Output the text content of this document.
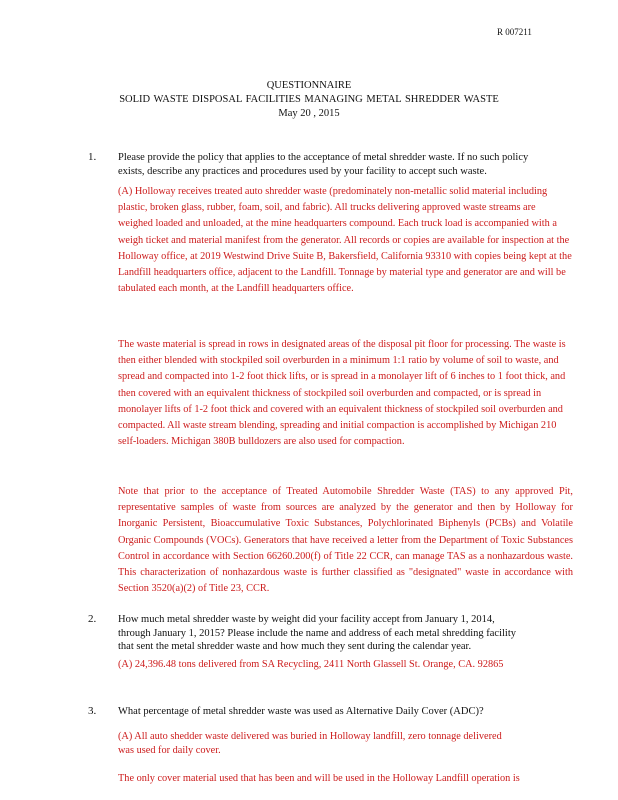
R 007211
QUESTIONNAIRE
SOLID WASTE DISPOSAL FACILITIES MANAGING METAL SHREDDER WASTE
May 20 , 2015
1. Please provide the policy that applies to the acceptance of metal shredder waste. If no such policy
exists, describe any practices and procedures used by your facility to accept such waste.

(A) Holloway receives treated auto shredder waste (predominately non-metallic solid material including plastic, broken glass, rubber, foam, soil, and fabric). All trucks delivering approved waste streams are weighed loaded and unloaded, at the mine headquarters compound. Each truck load is accompanied with a weigh ticket and material manifest from the generator. All records or copies are available for inspection at the Holloway office, at 2019 Westwind Drive Suite B, Bakersfield, California 93310 with copies being kept at the Landfill headquarters office, adjacent to the Landfill. Tonnage by material type and generator are and will be tabulated each month, at the Landfill headquarters office.

The waste material is spread in rows in designated areas of the disposal pit floor for processing. The waste is then either blended with stockpiled soil overburden in a minimum 1:1 ratio by volume of soil to waste, and spread and compacted into 1-2 foot thick lifts, or is spread in a monolayer lift of 6 inches to 1 foot thick, and then covered with an equivalent thickness of stockpiled soil overburden and compacted, or is spread in monolayer lifts of 1-2 foot thick and covered with an equivalent thickness of stockpiled soil overburden and compacted. All waste stream blending, spreading and initial compaction is accomplished by Michigan 210 self-loaders. Michigan 380B bulldozers are also used for compaction.

Note that prior to the acceptance of Treated Automobile Shredder Waste (TAS) to any approved Pit, representative samples of waste from sources are analyzed by the generator and then by Holloway for Inorganic Persistent, Bioaccumulative Toxic Substances, Polychlorinated Biphenyls (PCBs) and Volatile Organic Compounds (VOCs). Generators that have received a letter from the Department of Toxic Substances Control in accordance with Section 66260.200(f) of Title 22 CCR, can manage TAS as a nonhazardous waste. This characterization of nonhazardous waste is further classified as "designated" waste in accordance with Section 3520(a)(2) of Title 23, CCR.

2. How much metal shredder waste by weight did your facility accept from January 1, 2014,
through January 1, 2015? Please include the name and address of each metal shredding facility
that sent the metal shredder waste and how much they sent during the calendar year.

(A) 24,396.48 tons delivered from SA Recycling, 2411 North Glassell St. Orange, CA. 92865

3. What percentage of metal shredder waste was used as Alternative Daily Cover (ADC)?

(A) All auto shedder waste delivered was buried in Holloway landfill, zero tonnage delivered

was used for daily cover.

The only cover material used that has been and will be used in the Holloway Landfill operation is
